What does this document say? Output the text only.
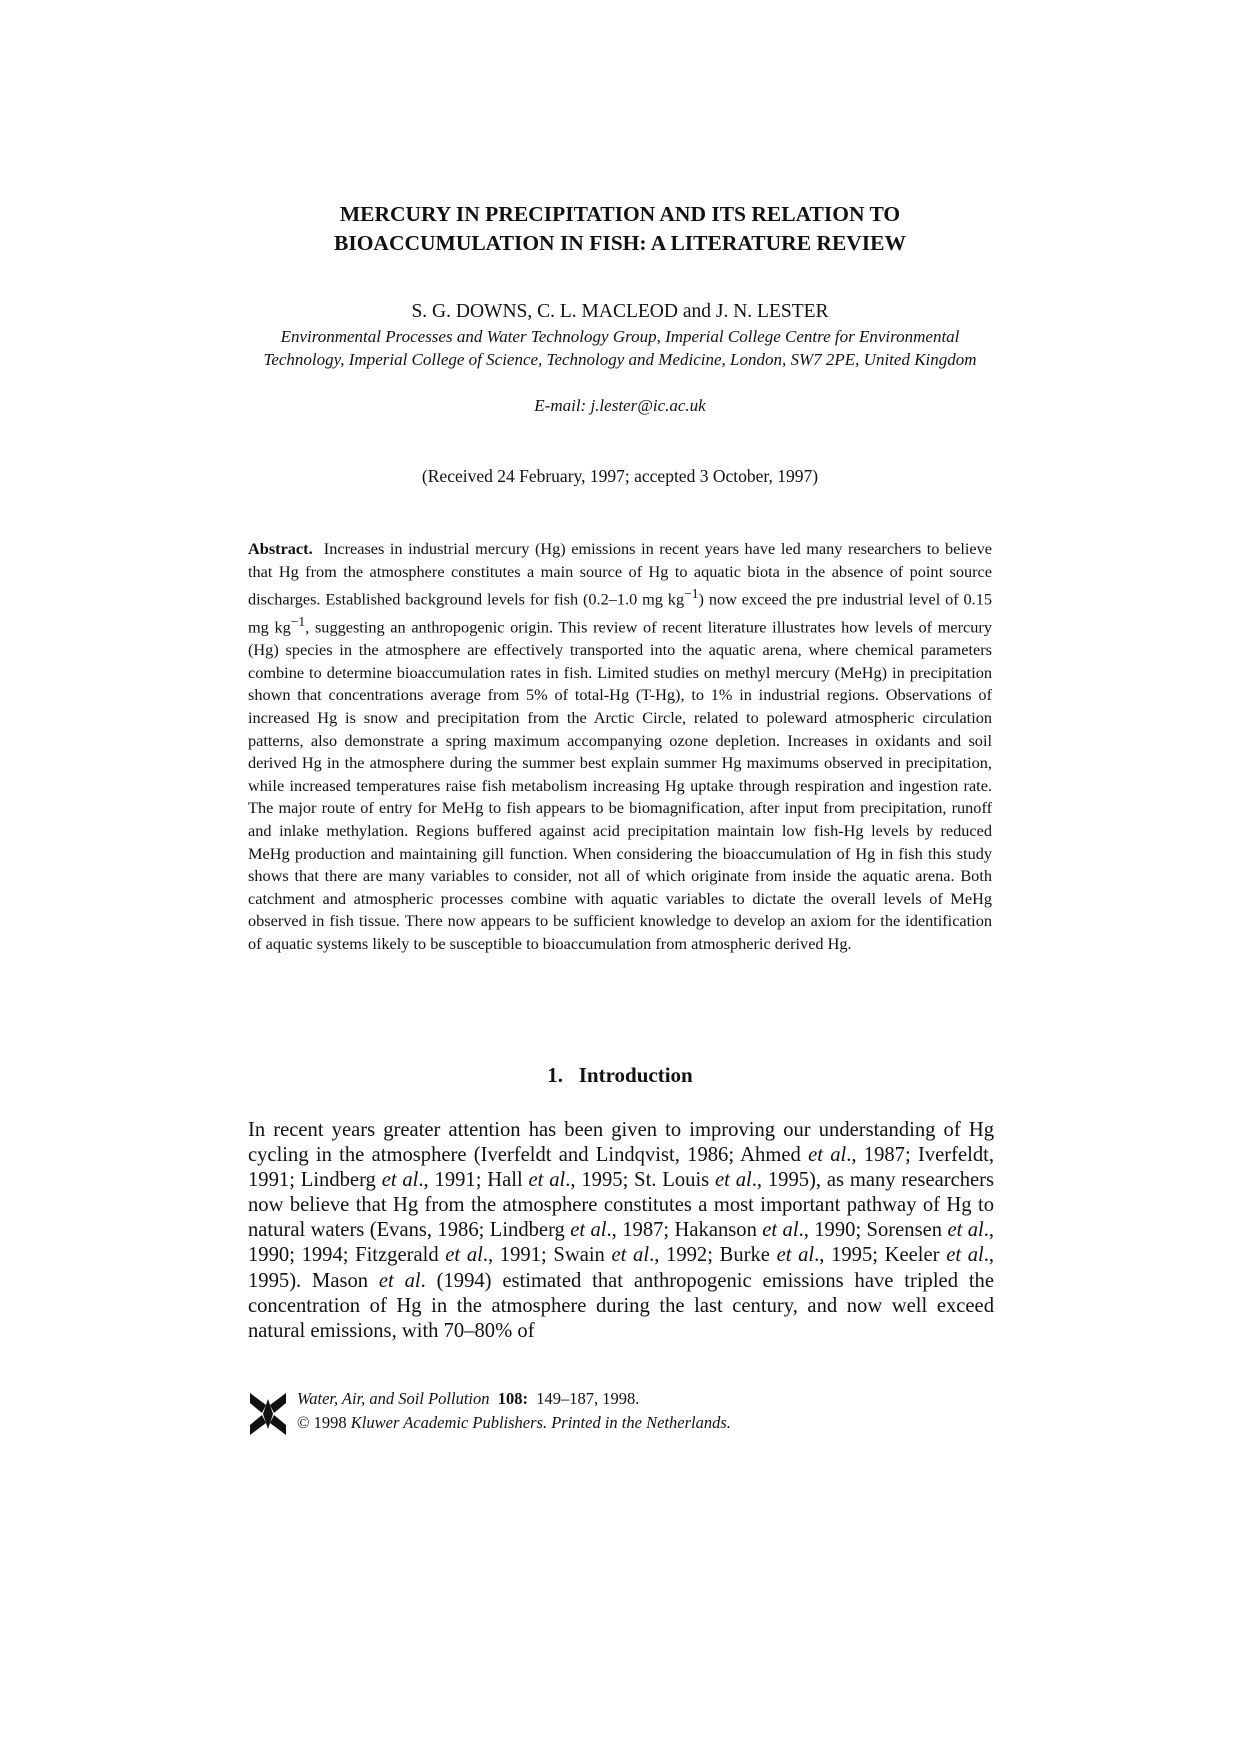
MERCURY IN PRECIPITATION AND ITS RELATION TO
BIOACCUMULATION IN FISH: A LITERATURE REVIEW

S. G. DOWNS, C. L. MACLEOD and J. N. LESTER

Environmental Processes and Water Technology Group, Imperial College Centre for Environmental Technology, Imperial College of Science, Technology and Medicine, London, SW7 2PE, United Kingdom

E-mail: j.lester@ic.ac.uk

(Received 24 February, 1997; accepted 3 October, 1997)

Abstract. Increases in industrial mercury (Hg) emissions in recent years have led many researchers to believe that Hg from the atmosphere constitutes a main source of Hg to aquatic biota in the absence of point source discharges. Established background levels for fish (0.2–1.0 mg $kg^{-1}$) now exceed the pre industrial level of 0.15 mg $kg^{-1}$, suggesting an anthropogenic origin. This review of recent literature illustrates how levels of mercury (Hg) species in the atmosphere are effectively transported into the aquatic arena, where chemical parameters combine to determine bioaccumulation rates in fish. Limited studies on methyl mercury (MeHg) in precipitation shown that concentrations average from 5% of total-Hg (T-Hg), to 1% in industrial regions. Observations of increased Hg is snow and precipitation from the Arctic Circle, related to poleward atmospheric circulation patterns, also demonstrate a spring maximum accompanying ozone depletion. Increases in oxidants and soil derived Hg in the atmosphere during the summer best explain summer Hg maximums observed in precipitation, while increased temperatures raise fish metabolism increasing Hg uptake through respiration and ingestion rate. The major route of entry for MeHg to fish appears to be biomagnification, after input from precipitation, runoff and inlake methylation. Regions buffered against acid precipitation maintain low fish-Hg levels by reduced MeHg production and maintaining gill function. When considering the bioaccumulation of Hg in fish this study shows that there are many variables to consider, not all of which originate from inside the aquatic arena. Both catchment and atmospheric processes combine with aquatic variables to dictate the overall levels of MeHg observed in fish tissue. There now appears to be sufficient knowledge to develop an axiom for the identification of aquatic systems likely to be susceptible to bioaccumulation from atmospheric derived Hg.

1. Introduction

In recent years greater attention has been given to improving our understanding of Hg cycling in the atmosphere (Iverfeldt and Lindqvist, 1986; Ahmed et al., 1987; Iverfeldt, 1991; Lindberg et al., 1991; Hall et al., 1995; St. Louis et al., 1995), as many researchers now believe that Hg from the atmosphere constitutes a most important pathway of Hg to natural waters (Evans, 1986; Lindberg et al., 1987; Hakanson et al., 1990; Sorensen et al., 1990; 1994; Fitzgerald et al., 1991; Swain et al., 1992; Burke et al., 1995; Keeler et al., 1995). Mason et al. (1994) estimated that anthropogenic emissions have tripled the concentration of Hg in the atmosphere during the last century, and now well exceed natural emissions, with 70–80% of

Water, Air, and Soil Pollution 108: 149–187, 1998.
© 1998 Kluwer Academic Publishers. Printed in the Netherlands.
